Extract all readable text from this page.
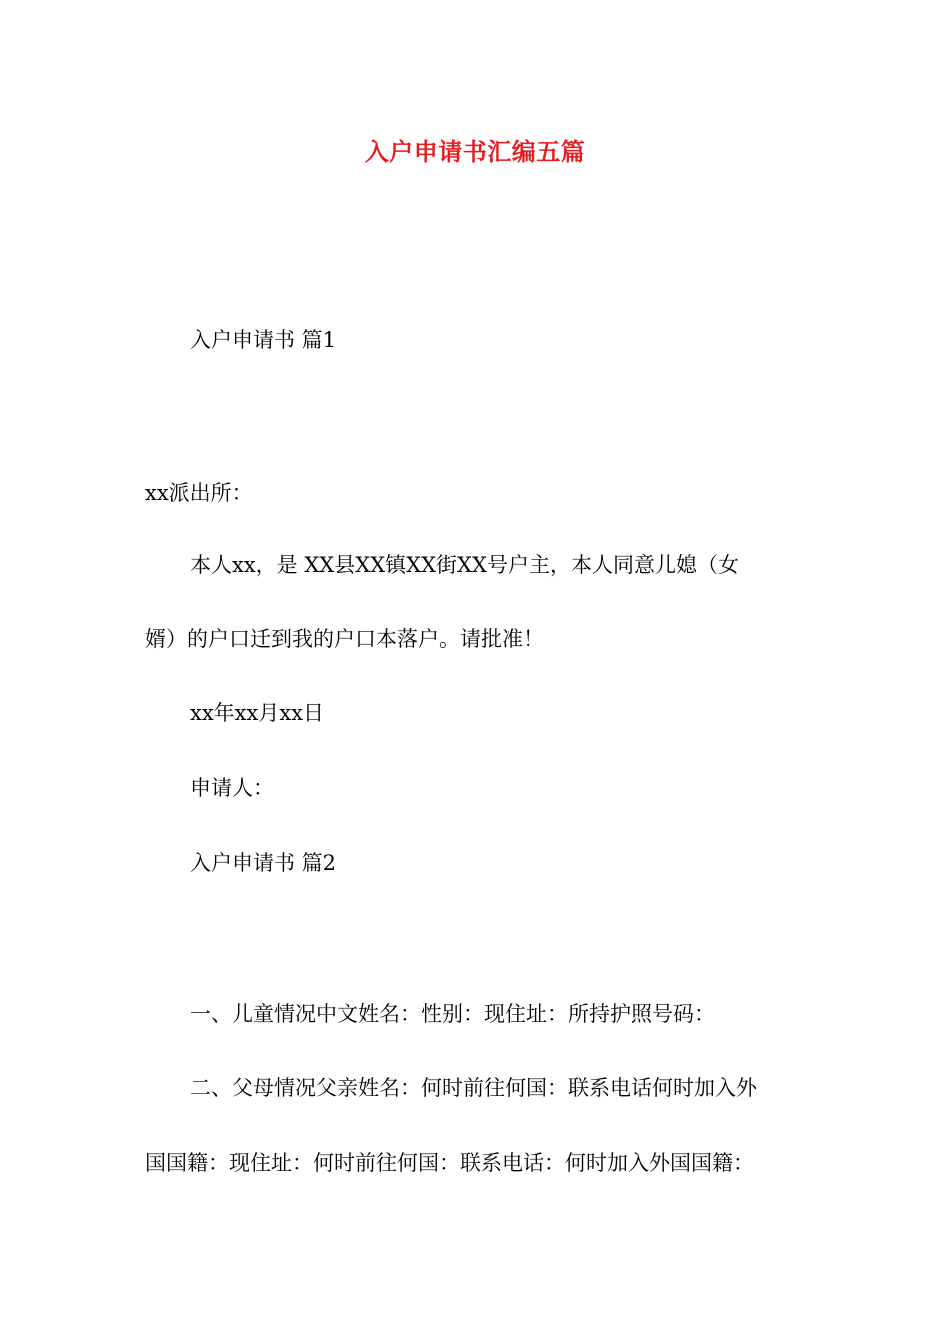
入户申请书汇编五篇
入户申请书 篇1
xx派出所：
本人xx，是 XX县XX镇XX街XX号户主，本人同意儿媳（女
婿）的户口迁到我的户口本落户。请批准！
xx年xx月xx日
申请人：
入户申请书 篇2
一、儿童情况中文姓名：性别：现住址：所持护照号码：
二、父母情况父亲姓名：何时前往何国：联系电话何时加入外
国国籍：现住址：何时前往何国：联系电话：何时加入外国国籍：
